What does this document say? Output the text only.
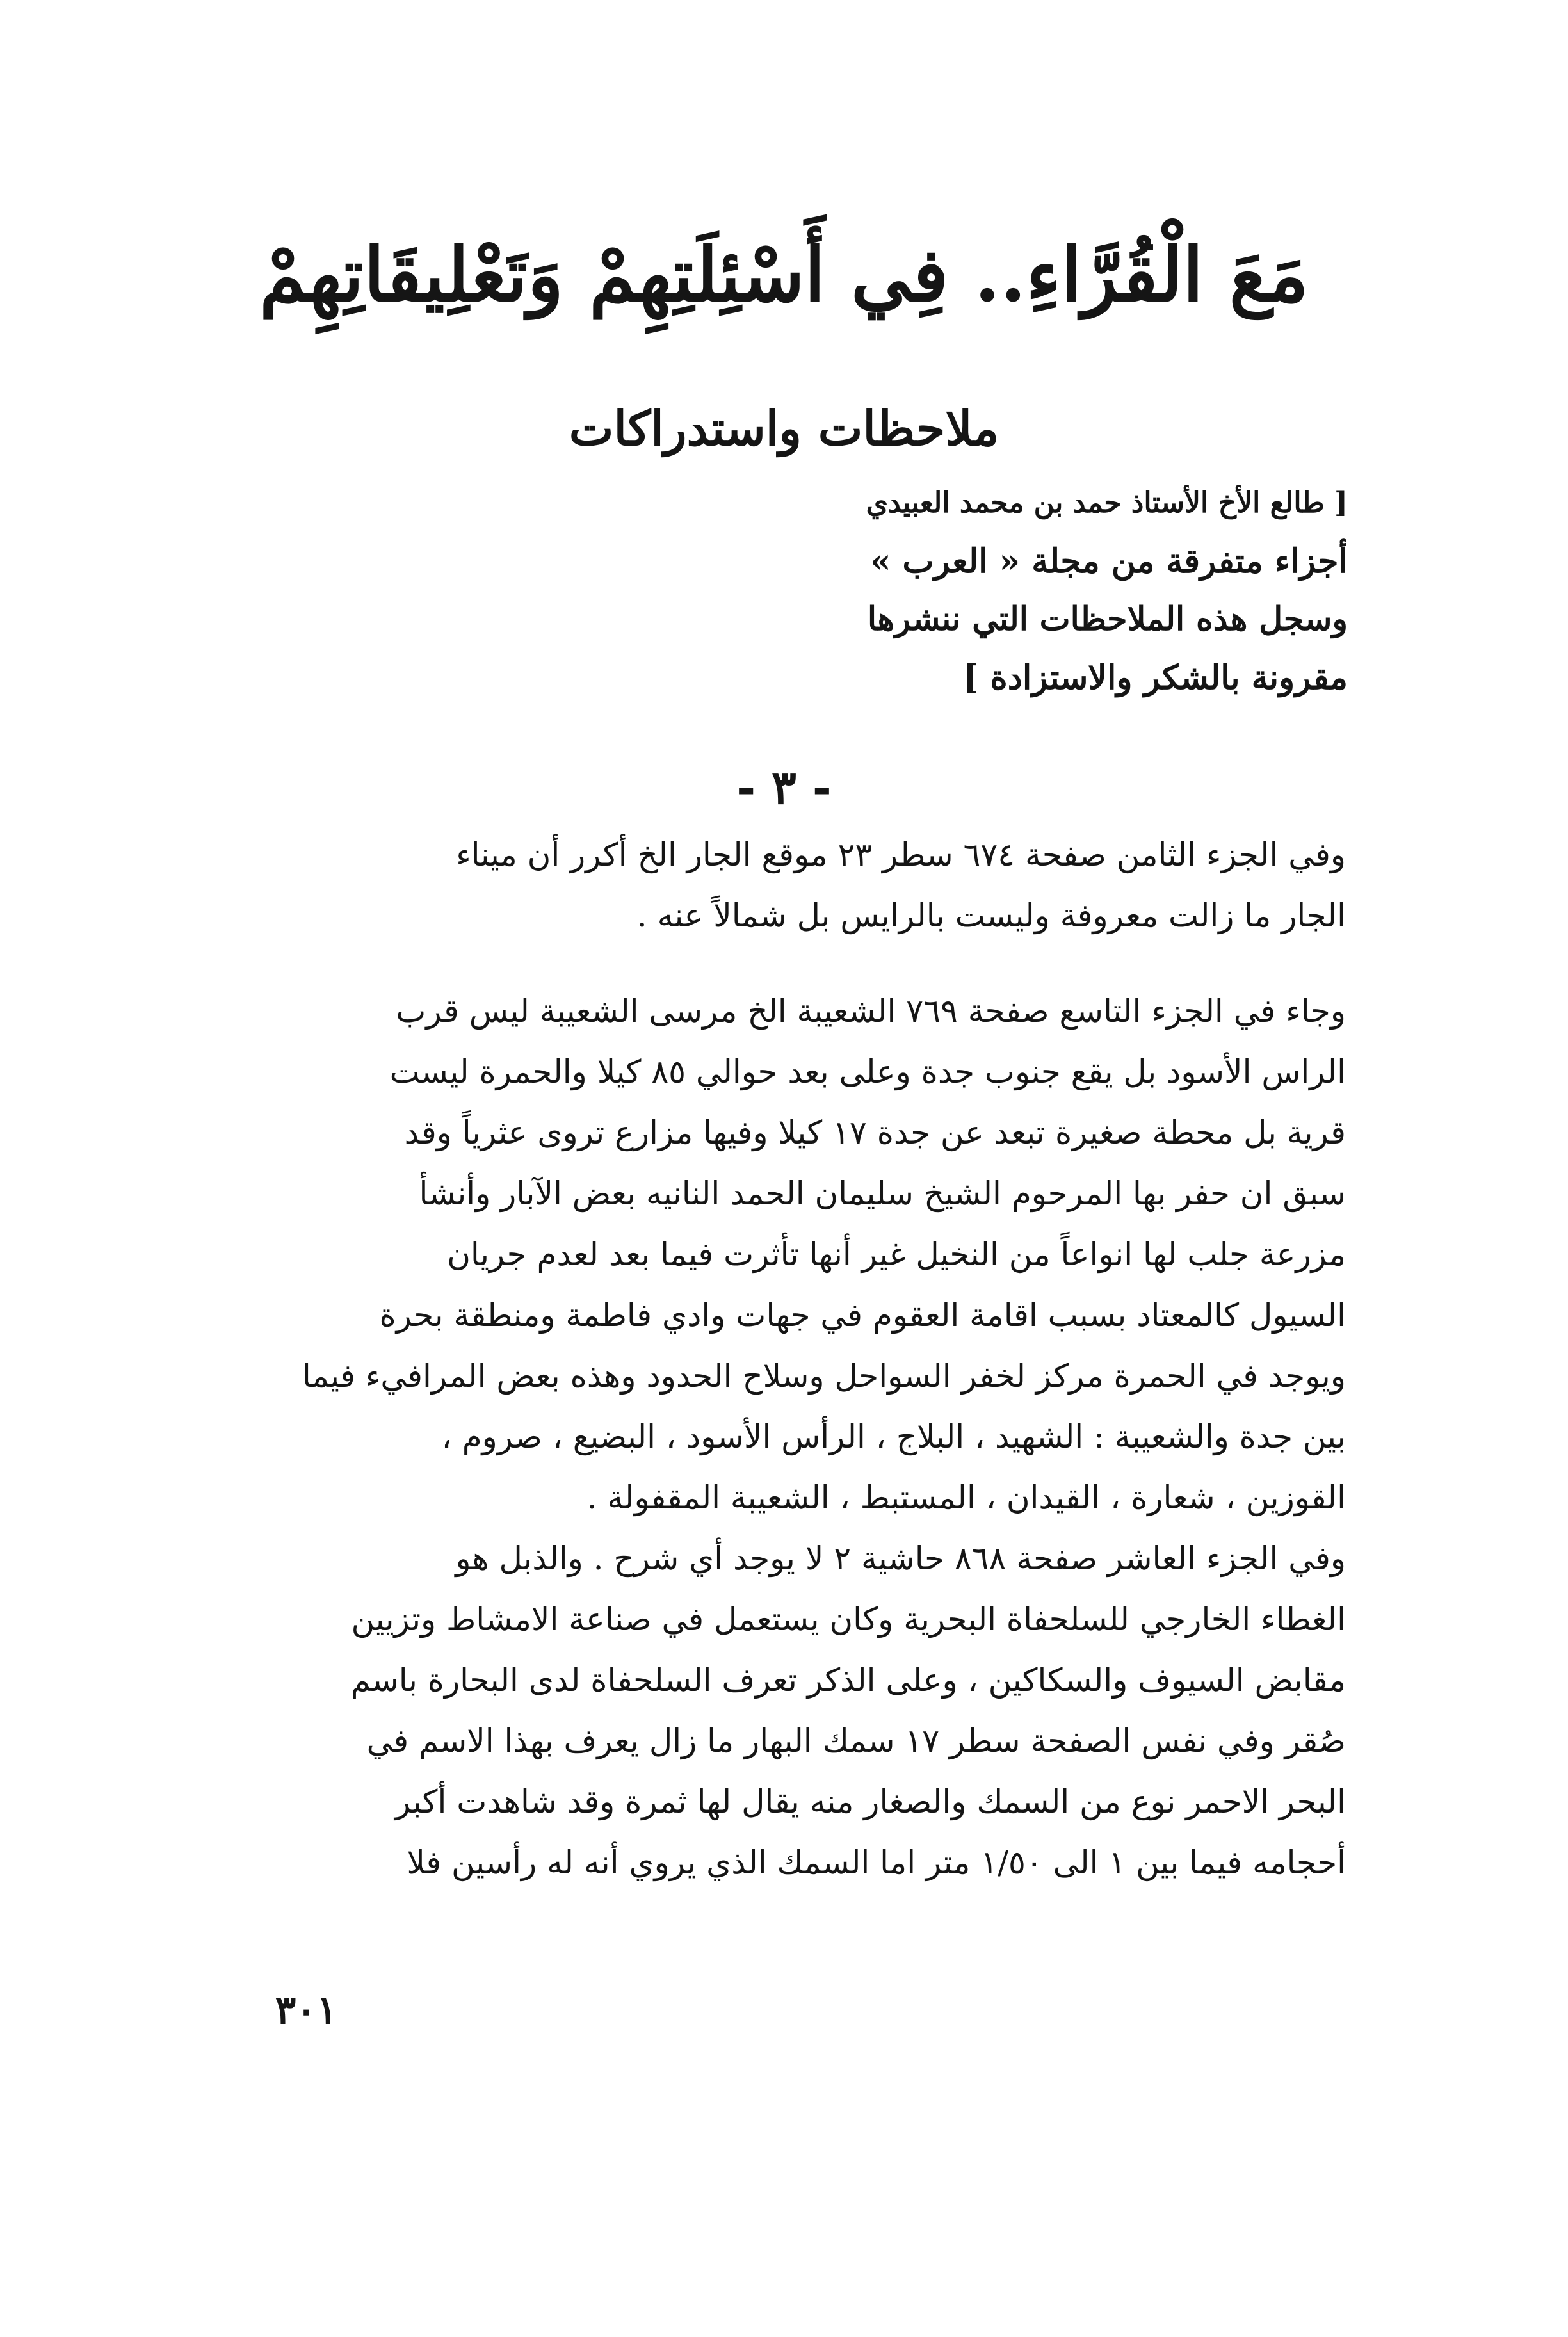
مَعَ الْقُرَّاءِ.. فِي أَسْئِلَتِهِمْ وَتَعْلِيقَاتِهِمْ
ملاحظات واستدراكات
[ طالع الأخ الأستاذ حمد بن محمد العبيدي
أجزاء متفرقة من مجلة « العرب »
وسجل هذه الملاحظات التي ننشرها
مقرونة بالشكر والاستزادة ]
- ٣ -
وفي الجزء الثامن صفحة ٦٧٤ سطر ٢٣ موقع الجار الخ أكرر أن ميناء
الجار ما زالت معروفة وليست بالرايس بل شمالاً عنه .
وجاء في الجزء التاسع صفحة ٧٦٩ الشعيبة الخ مرسى الشعيبة ليس قرب
الراس الأسود بل يقع جنوب جدة وعلى بعد حوالي ٨٥ كيلا والحمرة ليست
قرية بل محطة صغيرة تبعد عن جدة ١٧ كيلا وفيها مزارع تروى عثرياً وقد
سبق ان حفر بها المرحوم الشيخ سليمان الحمد النانيه بعض الآبار وأنشأ
مزرعة جلب لها انواعاً من النخيل غير أنها تأثرت فيما بعد لعدم جريان
السيول كالمعتاد بسبب اقامة العقوم في جهات وادي فاطمة ومنطقة بحرة
ويوجد في الحمرة مركز لخفر السواحل وسلاح الحدود وهذه بعض المرافيء فيما
بين جدة والشعيبة : الشهيد ، البلاج ، الرأس الأسود ، البضيع ، صروم ،
القوزين ، شعارة ، القيدان ، المستبط ، الشعيبة المقفولة .
وفي الجزء العاشر صفحة ٨٦٨ حاشية ٢ لا يوجد أي شرح . والذبل هو
الغطاء الخارجي للسلحفاة البحرية وكان يستعمل في صناعة الامشاط وتزيين
مقابض السيوف والسكاكين ، وعلى الذكر تعرف السلحفاة لدى البحارة باسم
صُقر وفي نفس الصفحة سطر ١٧ سمك البهار ما زال يعرف بهذا الاسم في
البحر الاحمر نوع من السمك والصغار منه يقال لها ثمرة وقد شاهدت أكبر
أحجامه فيما بين ١ الى ١/٥٠ متر اما السمك الذي يروي أنه له رأسين فلا
٣٠١
